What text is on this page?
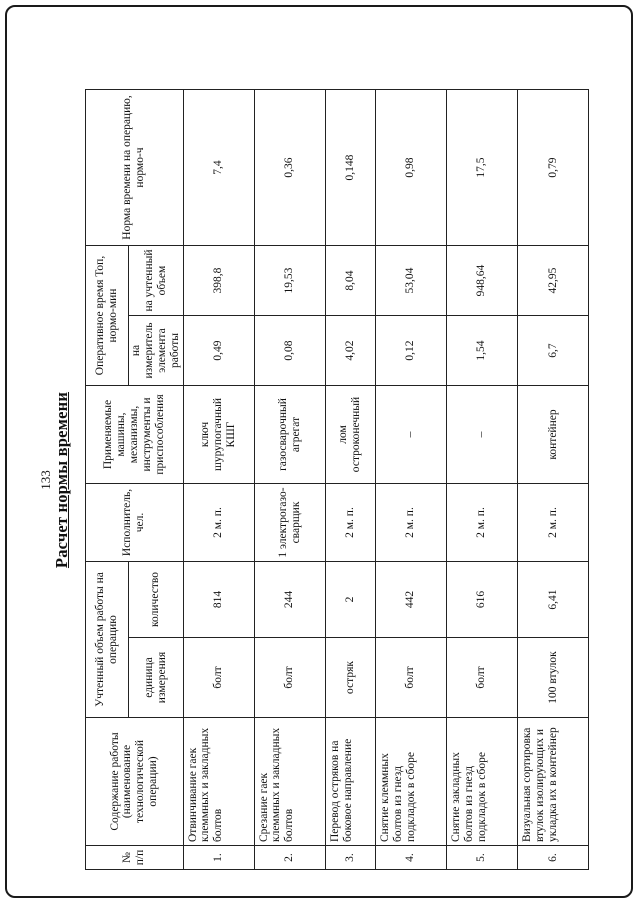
133 Расчет нормы времени
№ п/п	Содержание работы (наименование технологической операции)	Учтенный объем работы на операцию		Исполнитель, чел.	Применяемые машины, механизмы, инструменты и приспособления	Оперативное время Топ, нормо-мин		Норма времени на операцию, нормо-ч
		единица измерения	количество			на измеритель элемента работы	на учтенный объем	
1.	Отвинчивание гаек клеммных и закладных болтов	болт	814	2 м. п.	ключ шурупогачный КШГ	0,49	398,8	7,4
2.	Срезание гаек клеммных и закладных болтов	болт	244	1 электрогазо-сварщик	газосварочный агрегат	0,08	19,53	0,36
3.	Перевод остряков на боковое направление	остряк	2	2 м. п.	лом остроконечный	4,02	8,04	0,148
4.	Снятие клеммных болтов из гнезд подкладок в сборе	болт	442	2 м. п.	–	0,12	53,04	0,98
5.	Снятие закладных болтов из гнезд подкладок в сборе	болт	616	2 м. п.	–	1,54	948,64	17,5
6.	Визуальная сортировка втулок изолирующих и укладка их в контейнер	100 втулок	6,41	2 м. п.	контейнер	6,7	42,95	0,79
